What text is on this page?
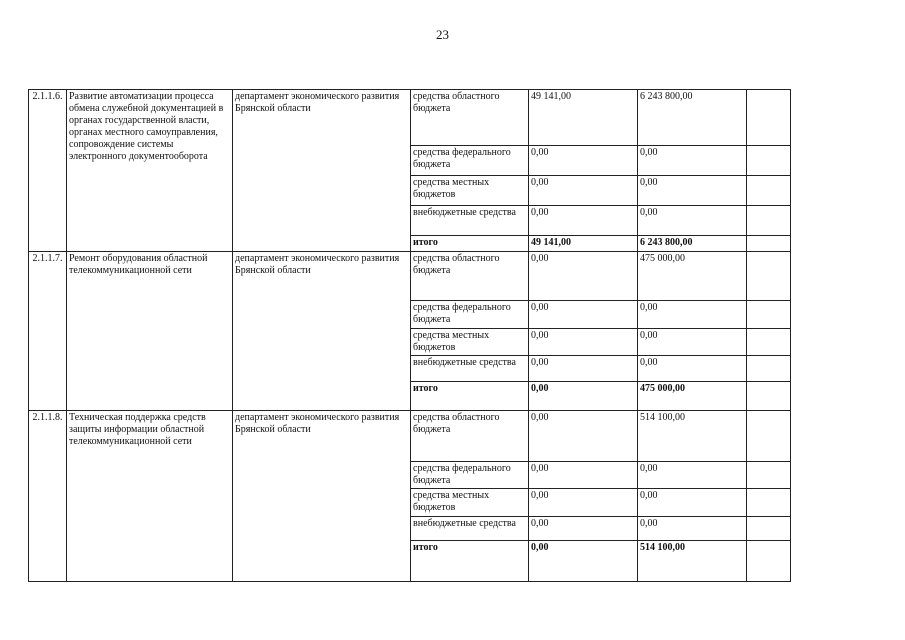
23
2.1.1.6.	Развитие автоматизации процесса обмена служебной документацией в органах государственной власти, органах местного самоуправления, сопровождение системы электронного документооборота	департамент экономического развития Брянской области	средства областного бюджета	49 141,00	6 243 800,00	
			средства федерального бюджета	0,00	0,00	
			средства местных бюджетов	0,00	0,00	
			внебюджетные средства	0,00	0,00	
			итого	49 141,00	6 243 800,00	
2.1.1.7.	Ремонт оборудования областной телекоммуникационной сети	департамент экономического развития Брянской области	средства областного бюджета	0,00	475 000,00	
			средства федерального бюджета	0,00	0,00	
			средства местных бюджетов	0,00	0,00	
			внебюджетные средства	0,00	0,00	
			итого	0,00	475 000,00	
2.1.1.8.	Техническая поддержка средств защиты информации областной телекоммуникационной сети	департамент экономического развития Брянской области	средства областного бюджета	0,00	514 100,00	
			средства федерального бюджета	0,00	0,00	
			средства местных бюджетов	0,00	0,00	
			внебюджетные средства	0,00	0,00	
			итого	0,00	514 100,00	
